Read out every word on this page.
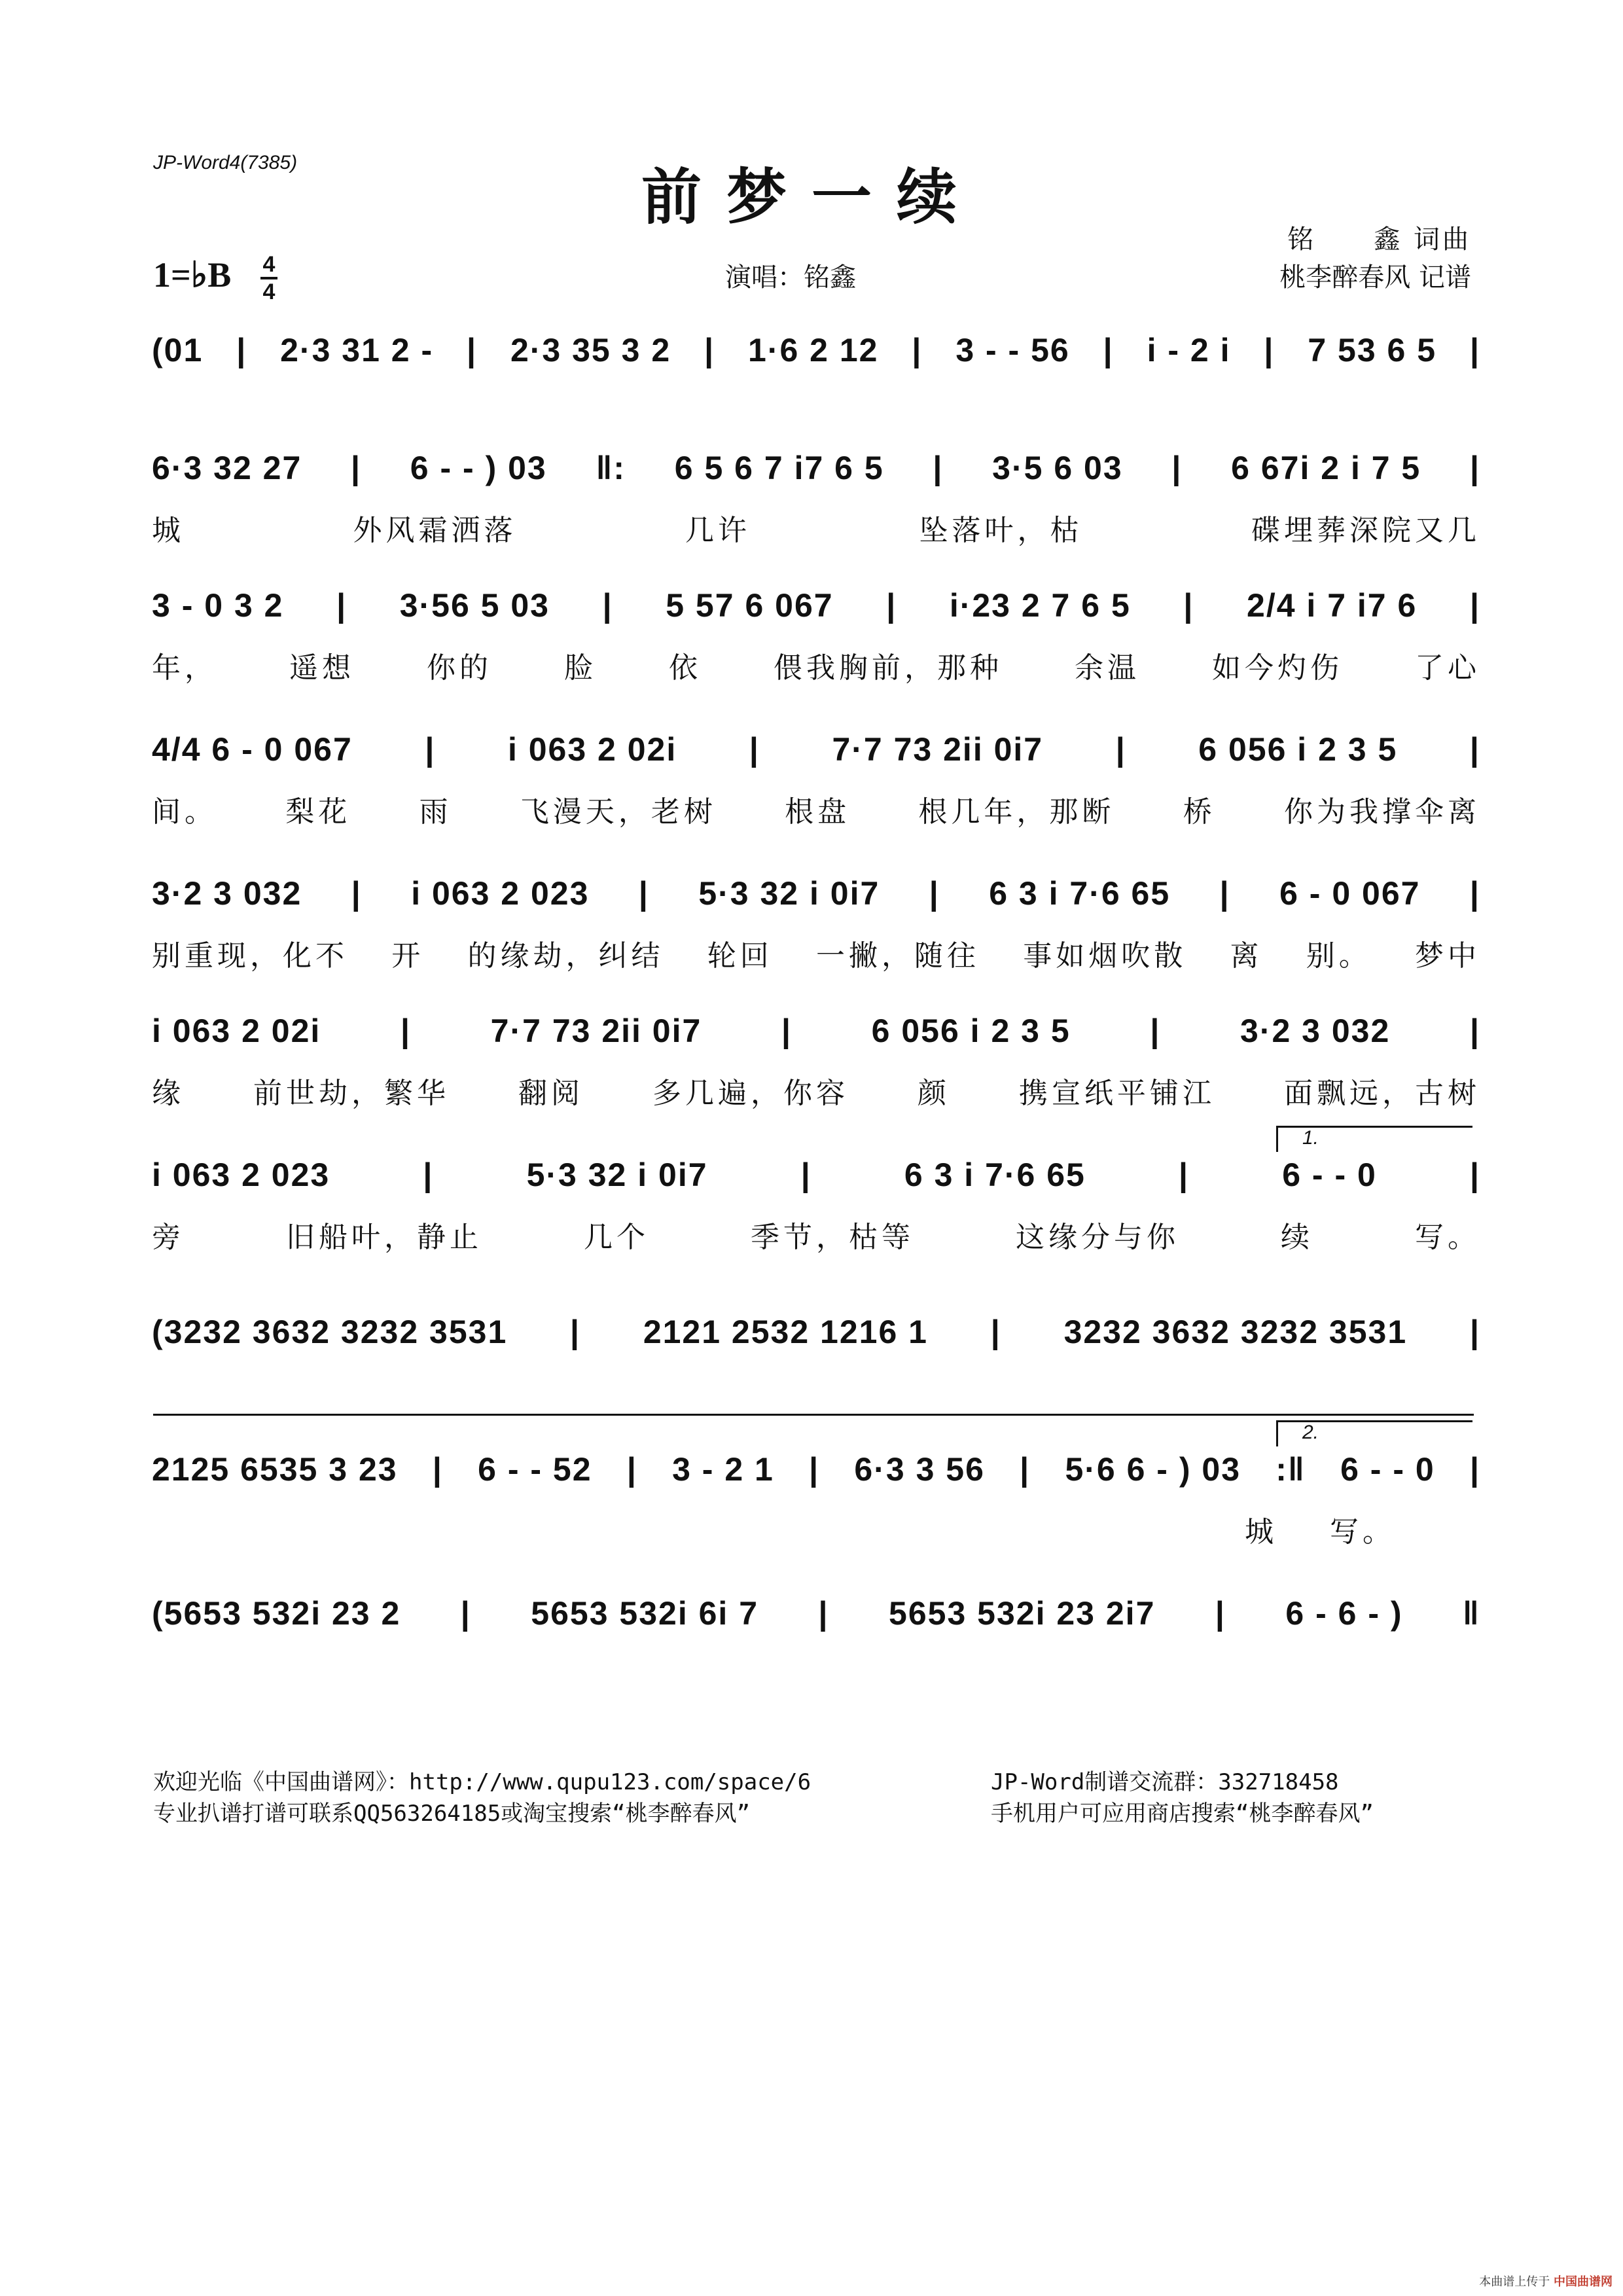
JP-Word4(7385)	前梦一续
1=♭B 4
4	演唱：铭鑫
铭　　鑫 词曲
桃李醉春风 记谱
(01 | 2·3 31 2 - | 2·3 35 3 2 | 1·6 2 12 | 3 - - 56 | i - 2 i | 7 53 6 5 |
6·3 32 27 | 6 - - ) 03 ‖: 6 5 6 7 i7 6 5 | 3·5 6 03 | 6 67i 2 i 7 5 |
城	外风霜洒落	几许	坠落叶，枯	碟埋葬深院又几
3 - 0 3 2 | 3·56 5 03 | 5 57 6 067 | i·23 2 7 6 5 | 2/4 i 7 i7 6 |
年，	遥想	你的	脸	依	偎我胸前，那种	余温	如今灼伤	了心
4/4 6 - 0 067 | i 063 2 02i | 7·7 73 2ii 0i7 | 6 056 i 2 3 5 |
间。 梨花 雨 飞漫天，老树 根盘 根几年，那断 桥 你为我撑伞离
3·2 3 032 | i 063 2 023 | 5·3 32 i 0i7 | 6 3 i 7·6 65 | 6 - 0 067 |
别重现，化不 开 的缘劫，纠结 轮回 一撇，随往 事如烟吹散 离 别。 梦中
i 063 2 02i | 7·7 73 2ii 0i7 | 6 056 i 2 3 5 | 3·2 3 032 |
缘 前世劫，繁华 翻阅 多几遍，你容 颜 携宣纸平铺江 面飘远，古树
i 063 2 023	|	5·3 32 i 0i7	|	6 3 i 7·6 65	|	6 - - 0	|
旁	旧船叶，静止	几个	季节，枯等	这缘分与你	续	写。
1.
(3232 3632 3232 3531 | 2121 2532 1216 1 | 3232 3632 3232 3531 |
2125 6535 3 23 | 6 - - 52 | 3 - 2 1 | 6·3 3 56 | 5·6 6 - ) 03 :‖ 6 - - 0 |
城 写。
2.
(5653 532i 23 2 | 5653 532i 6i 7 | 5653 532i 23 2i7 | 6 - 6 - ) ‖
欢迎光临《中国曲谱网》：http://www.qupu123.com/space/6
专业扒谱打谱可联系QQ563264185或淘宝搜索“桃李醉春风”
JP-Word制谱交流群：332718458
手机用户可应用商店搜索“桃李醉春风”
本曲谱上传于 中国曲谱网
